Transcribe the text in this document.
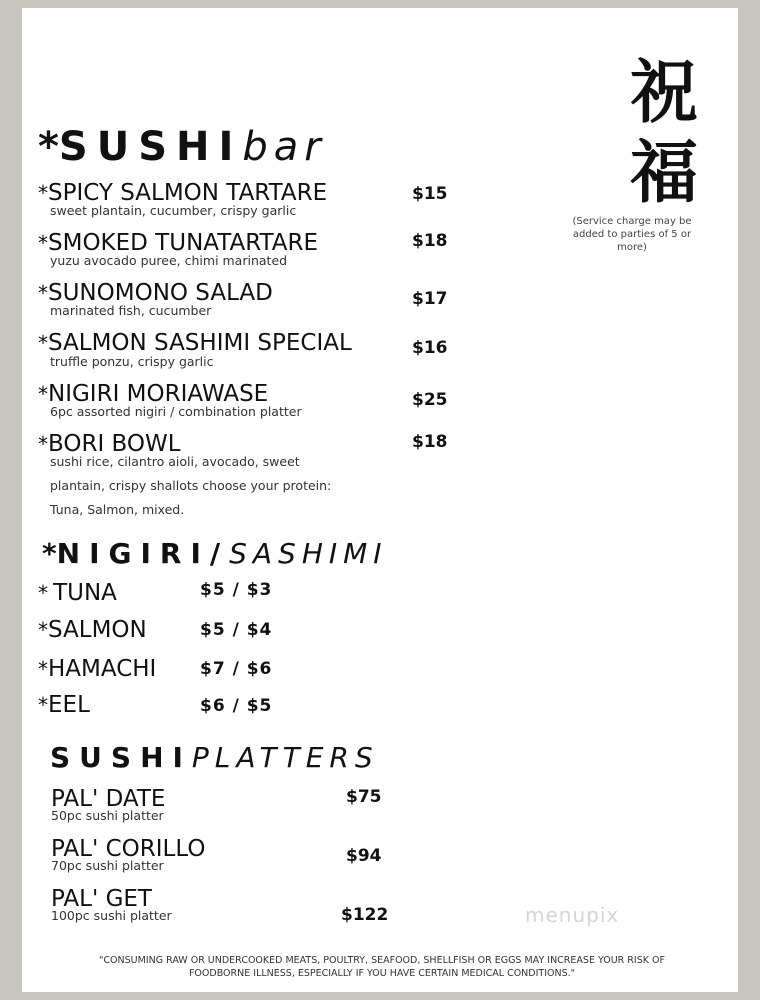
祝福
(Service charge may be added to parties of 5 or more)
*SUSHIbar
*SPICY SALMON TARTARE
sweet plantain, cucumber, crispy garlic
$15
*SMOKED TUNATARTARE
yuzu avocado puree, chimi marinated
$18
*SUNOMONO SALAD
marinated fish, cucumber
$17
*SALMON SASHIMI SPECIAL
truffle ponzu, crispy garlic
$16
*NIGIRI MORIAWASE
6pc assorted nigiri / combination platter
$25
*BORI BOWL
sushi rice, cilantro aioli, avocado, sweet plantain, crispy shallots choose your protein: Tuna, Salmon, mixed.
$18
*NIGIRI/SASHIMI
* TUNA	$5 / $3
*SALMON	$5 / $4
*HAMACHI	$7 / $6
*EEL	$6 / $5
SUSHIPLATTERS
PAL' DATE
50pc sushi platter
$75
PAL' CORILLO
70pc sushi platter	$94
PAL' GET
100pc sushi platter	$122	menupix
"CONSUMING RAW OR UNDERCOOKED MEATS, POULTRY, SEAFOOD, SHELLFISH OR EGGS MAY INCREASE YOUR RISK OF FOODBORNE ILLNESS, ESPECIALLY IF YOU HAVE CERTAIN MEDICAL CONDITIONS."
